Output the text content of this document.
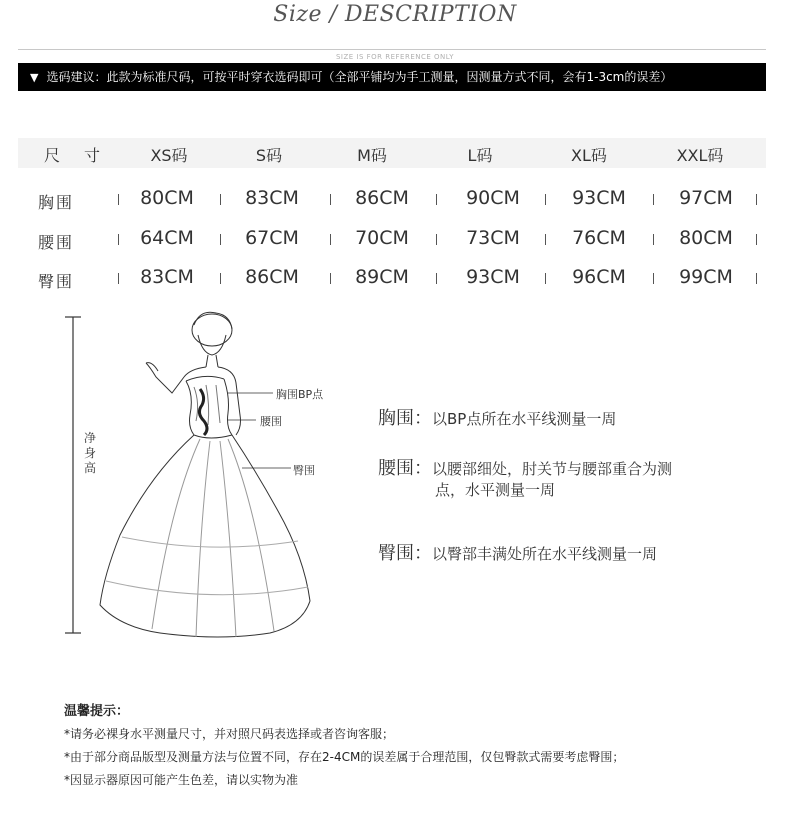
Size / DESCRIPTION
SIZE IS FOR REFERENCE ONLY
▼ 选码建议：此款为标准尺码，可按平时穿衣选码即可（全部平铺均为手工测量，因测量方式不同，会有1-3cm的误差）
尺　寸	XS码	S码	M码	L码	XL码	XXL码
胸围	80CM	83CM	86CM	90CM	93CM	97CM
腰围	64CM	67CM	70CM	73CM	76CM	80CM
臀围	83CM	86CM	89CM	93CM	96CM	99CM
净身高
胸围BP点
腰围
臀围
胸围：以BP点所在水平线测量一周
腰围：以腰部细处，肘关节与腰部重合为测
点，水平测量一周
臀围：以臀部丰满处所在水平线测量一周
温馨提示：
*请务必裸身水平测量尺寸，并对照尺码表选择或者咨询客服；
*由于部分商品版型及测量方法与位置不同，存在2-4CM的误差属于合理范围，仅包臀款式需要考虑臀围；
*因显示器原因可能产生色差，请以实物为准
